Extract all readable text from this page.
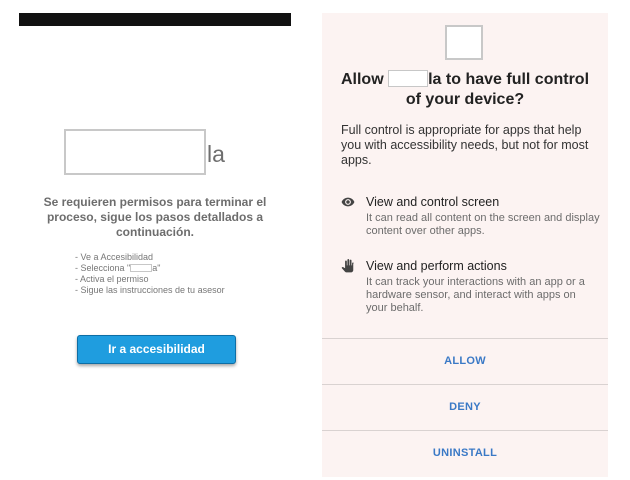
la
Se requieren permisos para terminar el proceso, sigue los pasos detallados a continuación.
- Ve a Accesibilidad
- Selecciona " a"
- Activa el permiso
- Sigue las instrucciones de tu asesor
Ir a accesibilidad
Allow	la to have full control of your device?
Full control is appropriate for apps that help you with accessibility needs, but not for most apps.
View and control screen
It can read all content on the screen and display content over other apps.
View and perform actions
It can track your interactions with an app or a hardware sensor, and interact with apps on your behalf.
ALLOW
DENY
UNINSTALL
